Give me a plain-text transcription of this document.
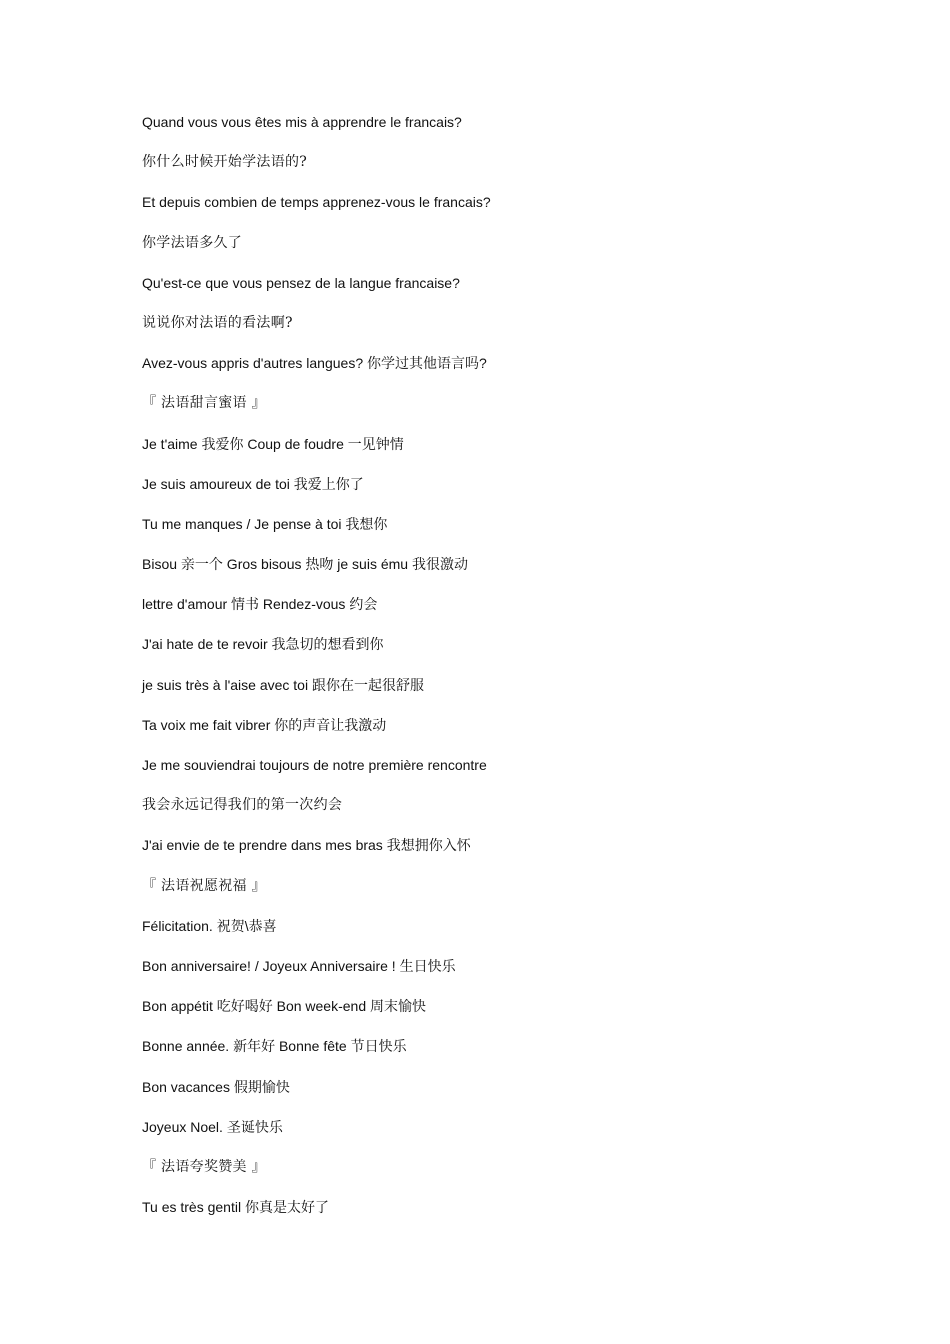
Quand vous vous êtes mis à apprendre le francais?
你什么时候开始学法语的?
Et depuis combien de temps apprenez-vous le francais?
你学法语多久了
Qu'est-ce que vous pensez de la langue francaise?
说说你对法语的看法啊?
Avez-vous appris d'autres langues? 你学过其他语言吗?
『 法语甜言蜜语 』
Je t'aime 我爱你 Coup de foudre 一见钟情
Je suis amoureux de toi 我爱上你了
Tu me manques / Je pense à toi 我想你
Bisou 亲一个 Gros bisous 热吻 je suis ému 我很激动
lettre d'amour 情书 Rendez-vous 约会
J'ai hate de te revoir 我急切的想看到你
je suis très à l'aise avec toi 跟你在一起很舒服
Ta voix me fait vibrer 你的声音让我激动
Je me souviendrai toujours de notre première rencontre
我会永远记得我们的第一次约会
J'ai envie de te prendre dans mes bras 我想拥你入怀
『 法语祝愿祝福 』
Félicitation. 祝贺\恭喜
Bon anniversaire! / Joyeux Anniversaire ! 生日快乐
Bon appétit 吃好喝好 Bon week-end 周末愉快
Bonne année. 新年好 Bonne fête 节日快乐
Bon vacances 假期愉快
Joyeux Noel. 圣诞快乐
『 法语夸奖赞美 』
Tu es très gentil 你真是太好了
